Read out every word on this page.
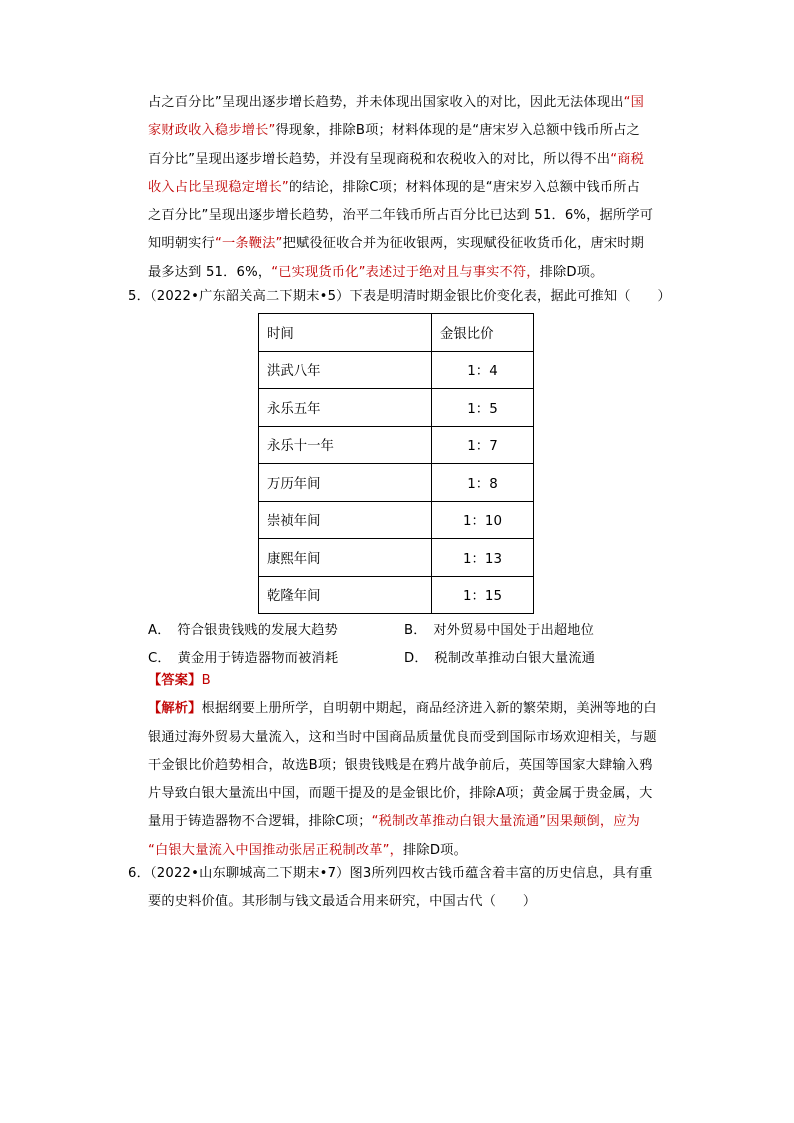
占之百分比”呈现出逐步增长趋势，并未体现出国家收入的对比，因此无法体现出“国
家财政收入稳步增长”得现象，排除B项；材料体现的是“唐宋岁入总额中钱币所占之
百分比”呈现出逐步增长趋势，并没有呈现商税和农税收入的对比，所以得不出“商税
收入占比呈现稳定增长”的结论，排除C项；材料体现的是“唐宋岁入总额中钱币所占
之百分比”呈现出逐步增长趋势，治平二年钱币所占百分比已达到 51．6%，据所学可
知明朝实行“一条鞭法”把赋役征收合并为征收银两，实现赋役征收货币化，唐宋时期
最多达到 51．6%，“已实现货币化”表述过于绝对且与事实不符，排除D项。
5．（2022•广东韶关高二下期末•5）下表是明清时期金银比价变化表，据此可推知（　　）
时间	金银比价
洪武八年	1：4
永乐五年	1：5
永乐十一年	1：7
万历年间	1：8
崇祯年间	1：10
康熙年间	1：13
乾隆年间	1：15
A．　符合银贵钱贱的发展大趋势	B．　对外贸易中国处于出超地位
C．　黄金用于铸造器物而被消耗	D．　税制改革推动白银大量流通
【答案】B
【解析】根据纲要上册所学，自明朝中期起，商品经济进入新的繁荣期，美洲等地的白
银通过海外贸易大量流入，这和当时中国商品质量优良而受到国际市场欢迎相关，与题
干金银比价趋势相合，故选B项；银贵钱贱是在鸦片战争前后，英国等国家大肆输入鸦
片导致白银大量流出中国，而题干提及的是金银比价，排除A项；黄金属于贵金属，大
量用于铸造器物不合逻辑，排除C项；“税制改革推动白银大量流通”因果颠倒，应为
“白银大量流入中国推动张居正税制改革”，排除D项。
6．（2022•山东聊城高二下期末•7）图3所列四枚古钱币蕴含着丰富的历史信息，具有重
要的史料价值。其形制与钱文最适合用来研究，中国古代（　　）
